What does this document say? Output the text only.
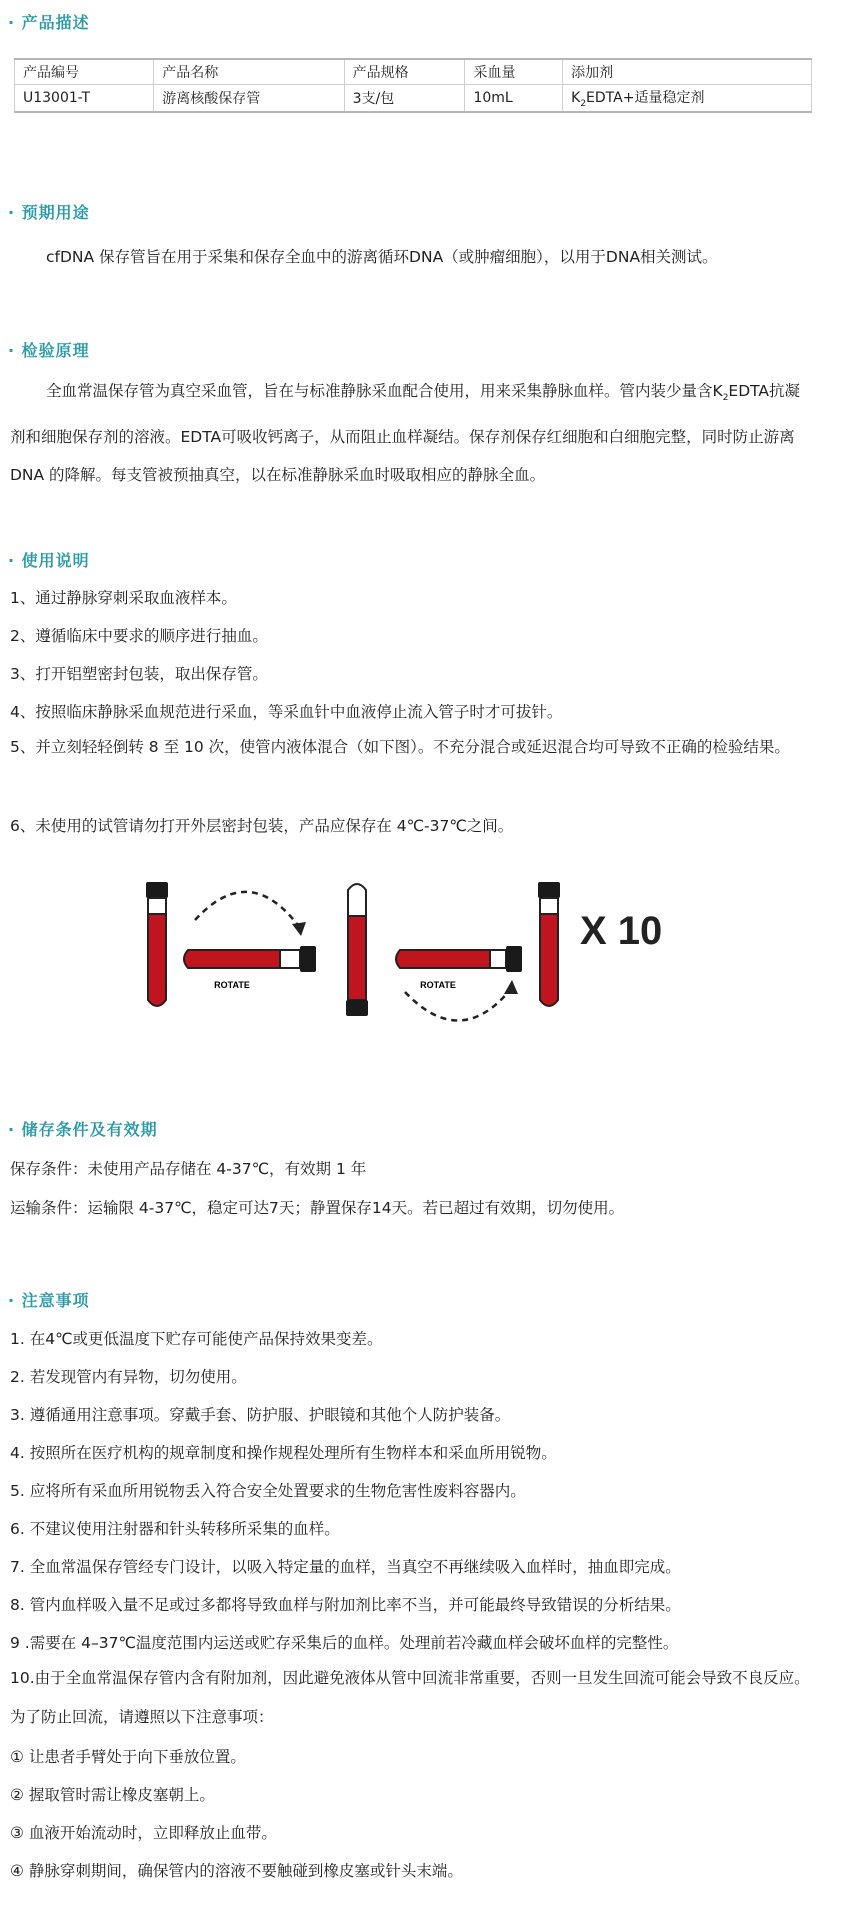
· 产品描述
产品编号	产品名称	产品规格	采血量	添加剂
U13001-T	游离核酸保存管	3支/包	10mL	$K_2EDTA+$适量稳定剂
· 预期用途
cfDNA 保存管旨在用于采集和保存全血中的游离循环DNA（或肿瘤细胞），以用于DNA相关测试。
· 检验原理
全血常温保存管为真空采血管，旨在与标准静脉采血配合使用，用来采集静脉血样。管内装少量含$K_2EDTA$抗凝剂和细胞保存剂的溶液。EDTA可吸收钙离子，从而阻止血样凝结。保存剂保存红细胞和白细胞完整，同时防止游离 DNA 的降解。每支管被预抽真空，以在标准静脉采血时吸取相应的静脉全血。
· 使用说明
1、通过静脉穿刺采取血液样本。
2、遵循临床中要求的顺序进行抽血。
3、打开铝塑密封包装，取出保存管。
4、按照临床静脉采血规范进行采血，等采血针中血液停止流入管子时才可拔针。
5、并立刻轻轻倒转 8 至 10 次，使管内液体混合（如下图）。不充分混合或延迟混合均可导致不正确的检验结果。
6、未使用的试管请勿打开外层密封包装，产品应保存在 4℃-37℃之间。
ROTATE	ROTATE
X 10
· 储存条件及有效期
保存条件：未使用产品存储在 4-37℃，有效期 1 年
运输条件：运输限 4-37℃，稳定可达7天；静置保存14天。若已超过有效期，切勿使用。
· 注意事项
1. 在4℃或更低温度下贮存可能使产品保持效果变差。
2. 若发现管内有异物，切勿使用。
3. 遵循通用注意事项。穿戴手套、防护服、护眼镜和其他个人防护装备。
4. 按照所在医疗机构的规章制度和操作规程处理所有生物样本和采血所用锐物。
5. 应将所有采血所用锐物丢入符合安全处置要求的生物危害性废料容器内。
6. 不建议使用注射器和针头转移所采集的血样。
7. 全血常温保存管经专门设计，以吸入特定量的血样，当真空不再继续吸入血样时，抽血即完成。
8. 管内血样吸入量不足或过多都将导致血样与附加剂比率不当，并可能最终导致错误的分析结果。
9 .需要在 4–37℃温度范围内运送或贮存采集后的血样。处理前若冷藏血样会破坏血样的完整性。
10.由于全血常温保存管内含有附加剂，因此避免液体从管中回流非常重要，否则一旦发生回流可能会导致不良反应。为了防止回流，请遵照以下注意事项：
① 让患者手臂处于向下垂放位置。
② 握取管时需让橡皮塞朝上。
③ 血液开始流动时，立即释放止血带。
④ 静脉穿刺期间，确保管内的溶液不要触碰到橡皮塞或针头末端。
